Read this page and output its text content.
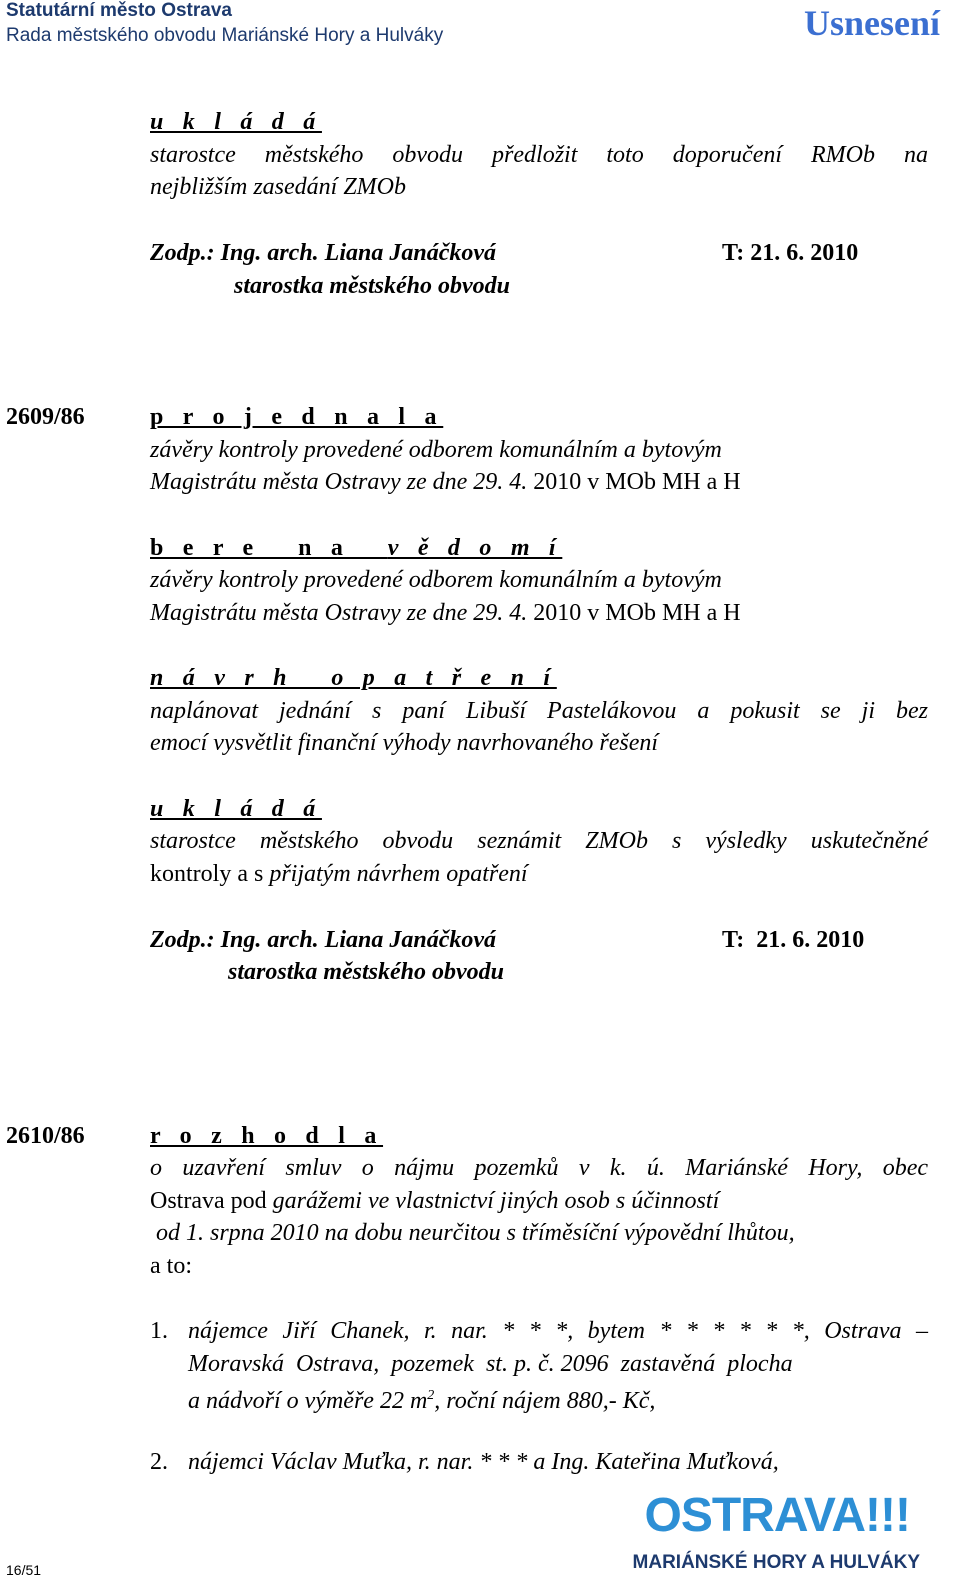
Statutární město Ostrava
Rada městského obvodu Mariánské Hory a Hulváky	Usnesení
u k l á d á
starostce městského obvodu předložit toto doporučení RMOb na
nejbližším zasedání ZMOb
Zodp.: Ing. arch. Liana Janáčková	T: 21. 6. 2010
starostka městského obvodu
2609/86	p r o j e d n a l a
závěry kontroly provedené odborem komunálním a bytovým
Magistrátu města Ostravy ze dne 29. 4. 2010 v MOb MH a H
b e r e   n a   v ě d o m í
závěry kontroly provedené odborem komunálním a bytovým
Magistrátu města Ostravy ze dne 29. 4. 2010 v MOb MH a H
n á v r h   o p a t ř e n í
naplánovat jednání s paní Libuší Pastelákovou a pokusit se ji bez
emocí vysvětlit finanční výhody navrhovaného řešení
u k l á d á
starostce městského obvodu seznámit ZMOb s výsledky uskutečněné
kontroly a s přijatým návrhem opatření
Zodp.: Ing. arch. Liana Janáčková	T:  21. 6. 2010
starostka městského obvodu
2610/86	r o z h o d l a
o uzavření smluv o nájmu pozemků v k. ú. Mariánské Hory, obec
Ostrava pod garážemi ve vlastnictví jiných osob s účinností
od 1. srpna 2010 na dobu neurčitou s tříměsíční výpovědní lhůtou,
a to:
1. nájemce Jiří Chanek, r. nar. * * *, bytem * * * * * *, Ostrava –
Moravská  Ostrava,  pozemek  st. p. č. 2096  zastavěná  plocha
a nádvoří o výměře 22 $m^2$, roční nájem 880,- Kč,
2. nájemci Václav Muťka, r. nar. * * * a Ing. Kateřina Muťková,
16/51
OSTRAVA!!!
MARIÁNSKÉ HORY A HULVÁKY
